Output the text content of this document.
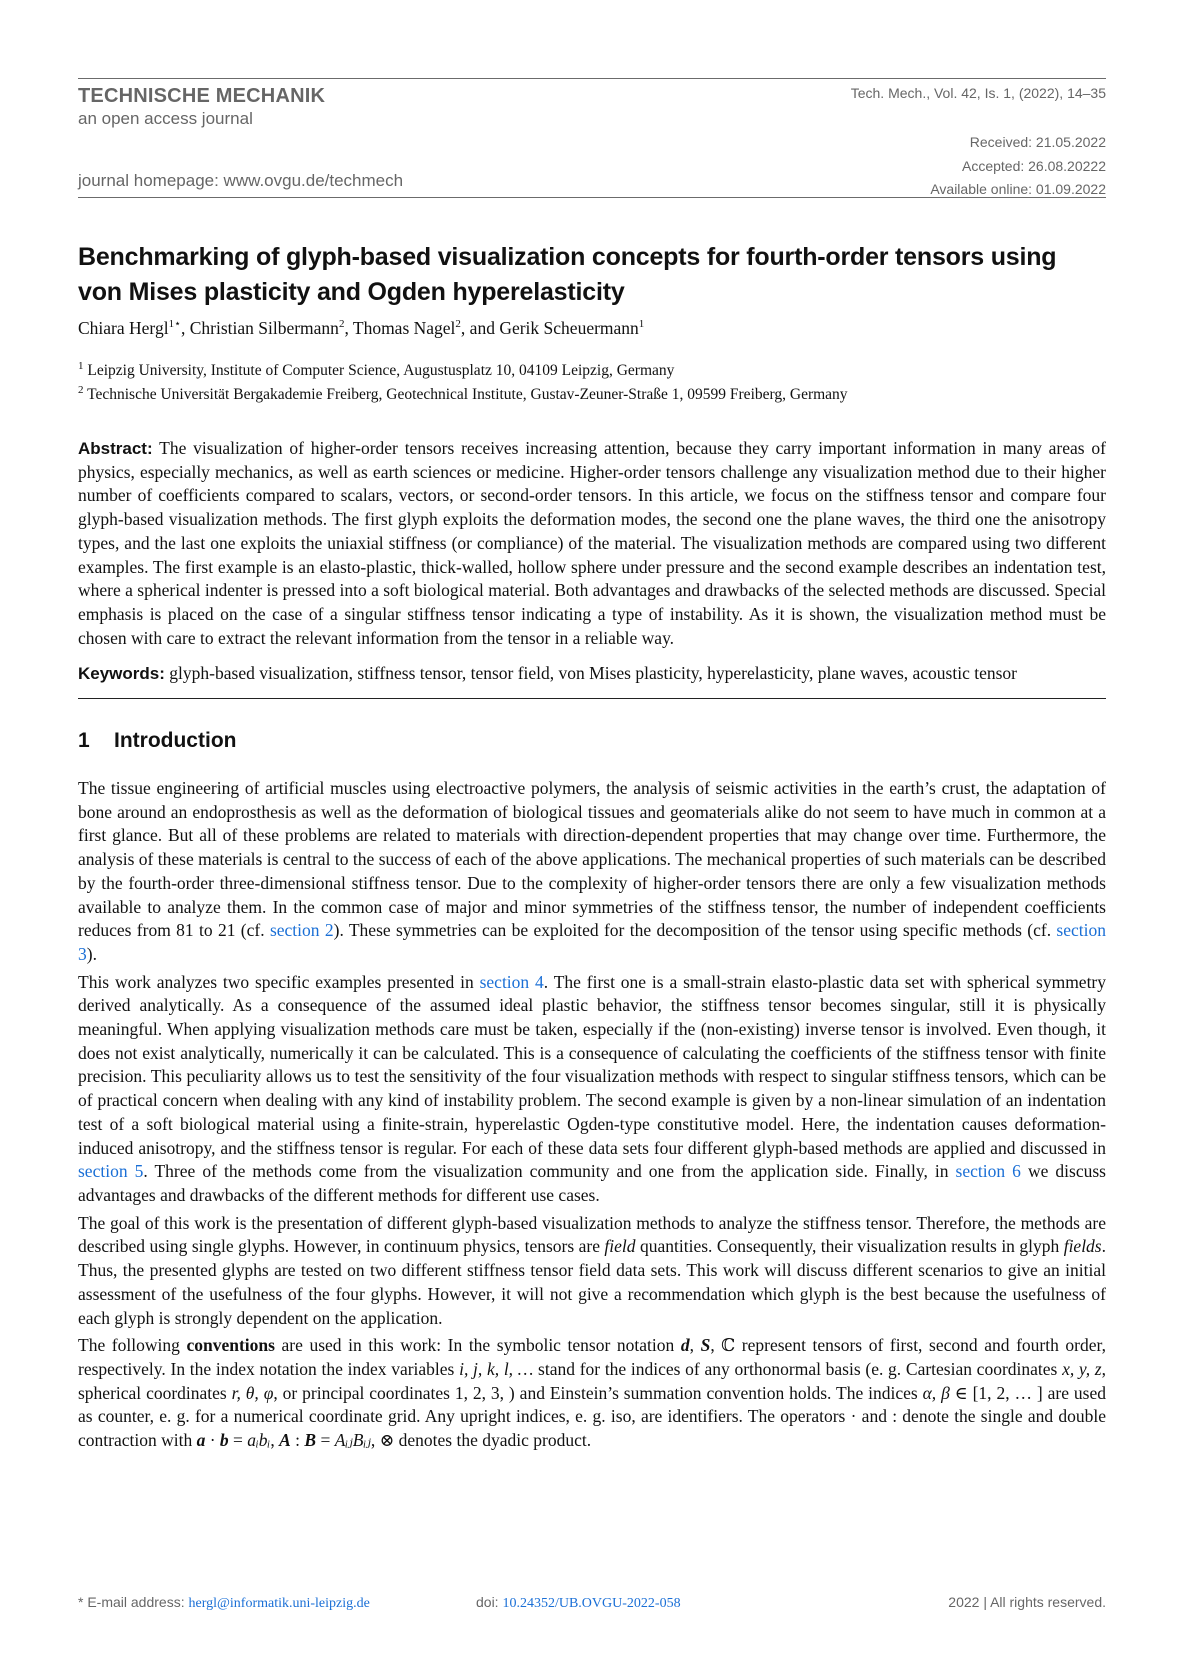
TECHNISCHE MECHANIK
an open access journal
journal homepage: www.ovgu.de/techmech
Tech. Mech., Vol. 42, Is. 1, (2022), 14–35
Received: 21.05.2022
Accepted: 26.08.20222
Available online: 01.09.2022
Benchmarking of glyph-based visualization concepts for fourth-order tensors using von Mises plasticity and Ogden hyperelasticity
Chiara Hergl$^{1⋆}$, Christian Silbermann$^2$, Thomas Nagel$^2$, and Gerik Scheuermann$^1$
$^1$ Leipzig University, Institute of Computer Science, Augustusplatz 10, 04109 Leipzig, Germany
$^2$ Technische Universität Bergakademie Freiberg, Geotechnical Institute, Gustav-Zeuner-Straße 1, 09599 Freiberg, Germany
Abstract: The visualization of higher-order tensors receives increasing attention, because they carry important information in many areas of physics, especially mechanics, as well as earth sciences or medicine. Higher-order tensors challenge any visualization method due to their higher number of coefficients compared to scalars, vectors, or second-order tensors. In this article, we focus on the stiffness tensor and compare four glyph-based visualization methods. The first glyph exploits the deformation modes, the second one the plane waves, the third one the anisotropy types, and the last one exploits the uniaxial stiffness (or compliance) of the material. The visualization methods are compared using two different examples. The first example is an elasto-plastic, thick-walled, hollow sphere under pressure and the second example describes an indentation test, where a spherical indenter is pressed into a soft biological material. Both advantages and drawbacks of the selected methods are discussed. Special emphasis is placed on the case of a singular stiffness tensor indicating a type of instability. As it is shown, the visualization method must be chosen with care to extract the relevant information from the tensor in a reliable way.
Keywords: glyph-based visualization, stiffness tensor, tensor field, von Mises plasticity, hyperelasticity, plane waves, acoustic tensor
1 Introduction

The tissue engineering of artificial muscles using electroactive polymers, the analysis of seismic activities in the earth’s crust, the adaptation of bone around an endoprosthesis as well as the deformation of biological tissues and geomaterials alike do not seem to have much in common at a first glance. But all of these problems are related to materials with direction-dependent properties that may change over time. Furthermore, the analysis of these materials is central to the success of each of the above applications. The mechanical properties of such materials can be described by the fourth-order three-dimensional stiffness tensor. Due to the complexity of higher-order tensors there are only a few visualization methods available to analyze them. In the common case of major and minor symmetries of the stiffness tensor, the number of independent coefficients reduces from 81 to 21 (cf. section 2). These symmetries can be exploited for the decomposition of the tensor using specific methods (cf. section 3).

This work analyzes two specific examples presented in section 4. The first one is a small-strain elasto-plastic data set with spherical symmetry derived analytically. As a consequence of the assumed ideal plastic behavior, the stiffness tensor becomes singular, still it is physically meaningful. When applying visualization methods care must be taken, especially if the (non-existing) inverse tensor is involved. Even though, it does not exist analytically, numerically it can be calculated. This is a consequence of calculating the coefficients of the stiffness tensor with finite precision. This peculiarity allows us to test the sensitivity of the four visualization methods with respect to singular stiffness tensors, which can be of practical concern when dealing with any kind of instability problem. The second example is given by a non-linear simulation of an indentation test of a soft biological material using a finite-strain, hyperelastic Ogden-type constitutive model. Here, the indentation causes deformation-induced anisotropy, and the stiffness tensor is regular. For each of these data sets four different glyph-based methods are applied and discussed in section 5. Three of the methods come from the visualization community and one from the application side. Finally, in section 6 we discuss advantages and drawbacks of the different methods for different use cases.

The goal of this work is the presentation of different glyph-based visualization methods to analyze the stiffness tensor. Therefore, the methods are described using single glyphs. However, in continuum physics, tensors are field quantities. Consequently, their visualization results in glyph fields. Thus, the presented glyphs are tested on two different stiffness tensor field data sets. This work will discuss different scenarios to give an initial assessment of the usefulness of the four glyphs. However, it will not give a recommendation which glyph is the best because the usefulness of each glyph is strongly dependent on the application.

The following conventions are used in this work: In the symbolic tensor notation d, S, ℂ represent tensors of first, second and fourth order, respectively. In the index notation the index variables i, j, k, l, … stand for the indices of any orthonormal basis (e. g. Cartesian coordinates x, y, z, spherical coordinates r, θ, φ, or principal coordinates 1, 2, 3, ) and Einstein’s summation convention holds. The indices α, β ∈ [1, 2, … ] are used as counter, e. g. for a numerical coordinate grid. Any upright indices, e. g. iso, are identifiers. The operators · and : denote the single and double contraction with a · b = aᵢbᵢ, A : B = AᵢⱼBᵢⱼ, ⊗ denotes the dyadic product.

* E-mail address: hergl@informatik.uni-leipzig.de	doi: 10.24352/UB.OVGU-2022-058	2022 | All rights reserved.
